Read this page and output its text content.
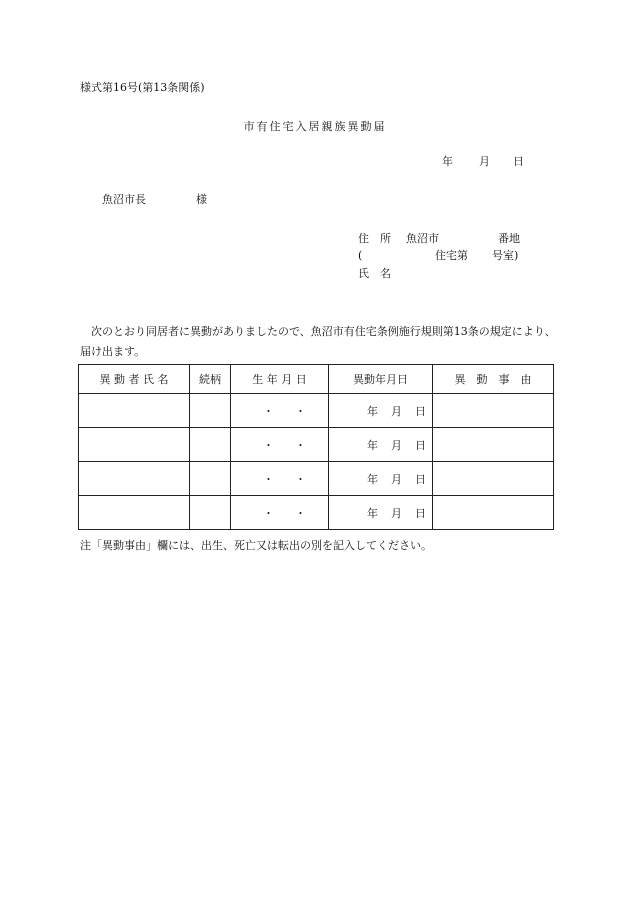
様式第16号(第13条関係)
市有住宅入居親族異動届
年 月 日
魚沼市長	様
住　所 魚沼市	番地
(	住宅第 号室)
氏　名
　次のとおり同居者に異動がありましたので、魚沼市有住宅条例施行規則第13条の規定により、届け出ます。
異 動 者 氏 名	続柄	生 年 月 日	異動年月日	異　動　事　由

		・ ・	年 月 日	

		・ ・	年 月 日	

		・ ・	年 月 日	

		・ ・	年 月 日	

注「異動事由」欄には、出生、死亡又は転出の別を記入してください。
